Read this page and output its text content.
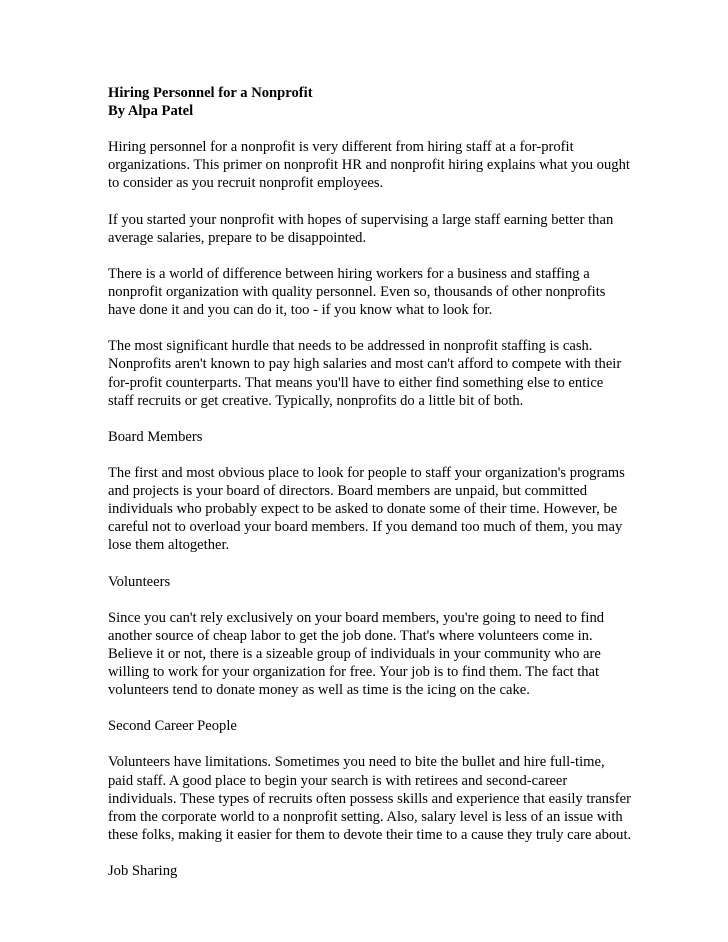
Hiring Personnel for a Nonprofit
By Alpa Patel
Hiring personnel for a nonprofit is very different from hiring staff at a for-profit
organizations. This primer on nonprofit HR and nonprofit hiring explains what you ought
to consider as you recruit nonprofit employees.
If you started your nonprofit with hopes of supervising a large staff earning better than
average salaries, prepare to be disappointed.
There is a world of difference between hiring workers for a business and staffing a
nonprofit organization with quality personnel. Even so, thousands of other nonprofits
have done it and you can do it, too - if you know what to look for.
The most significant hurdle that needs to be addressed in nonprofit staffing is cash.
Nonprofits aren't known to pay high salaries and most can't afford to compete with their
for-profit counterparts. That means you'll have to either find something else to entice
staff recruits or get creative. Typically, nonprofits do a little bit of both.
Board Members
The first and most obvious place to look for people to staff your organization's programs
and projects is your board of directors. Board members are unpaid, but committed
individuals who probably expect to be asked to donate some of their time. However, be
careful not to overload your board members. If you demand too much of them, you may
lose them altogether.
Volunteers
Since you can't rely exclusively on your board members, you're going to need to find
another source of cheap labor to get the job done. That's where volunteers come in.
Believe it or not, there is a sizeable group of individuals in your community who are
willing to work for your organization for free. Your job is to find them. The fact that
volunteers tend to donate money as well as time is the icing on the cake.
Second Career People
Volunteers have limitations. Sometimes you need to bite the bullet and hire full-time,
paid staff. A good place to begin your search is with retirees and second-career
individuals. These types of recruits often possess skills and experience that easily transfer
from the corporate world to a nonprofit setting. Also, salary level is less of an issue with
these folks, making it easier for them to devote their time to a cause they truly care about.
Job Sharing
